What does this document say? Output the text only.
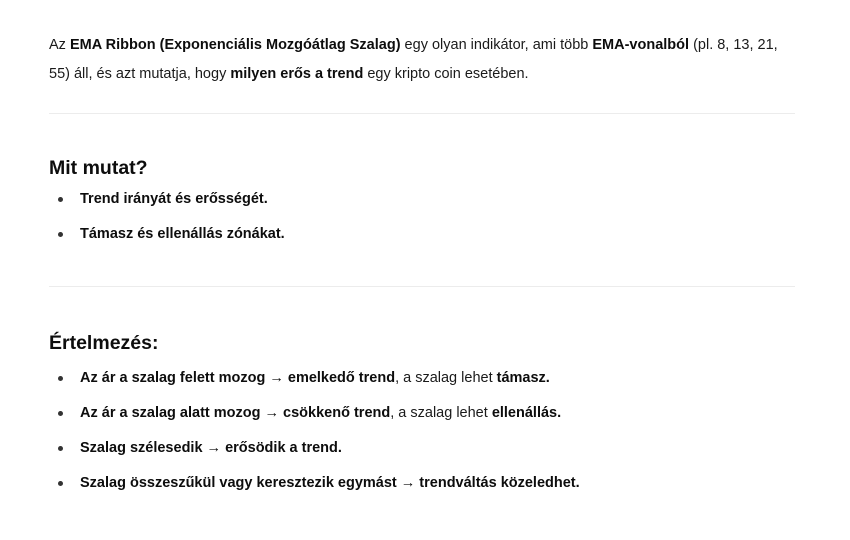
Az EMA Ribbon (Exponenciális Mozgóátlag Szalag) egy olyan indikátor, ami több EMA-vonalból (pl. 8, 13, 21, 55) áll, és azt mutatja, hogy milyen erős a trend egy kripto coin esetében.

Mit mutat?
Trend irányát és erősségét.
Támasz és ellenállás zónákat.
Értelmezés:
Az ár a szalag felett mozog → emelkedő trend, a szalag lehet támasz.
Az ár a szalag alatt mozog → csökkenő trend, a szalag lehet ellenállás.
Szalag szélesedik → erősödik a trend.
Szalag összeszűkül vagy keresztezik egymást → trendváltás közeledhet.
